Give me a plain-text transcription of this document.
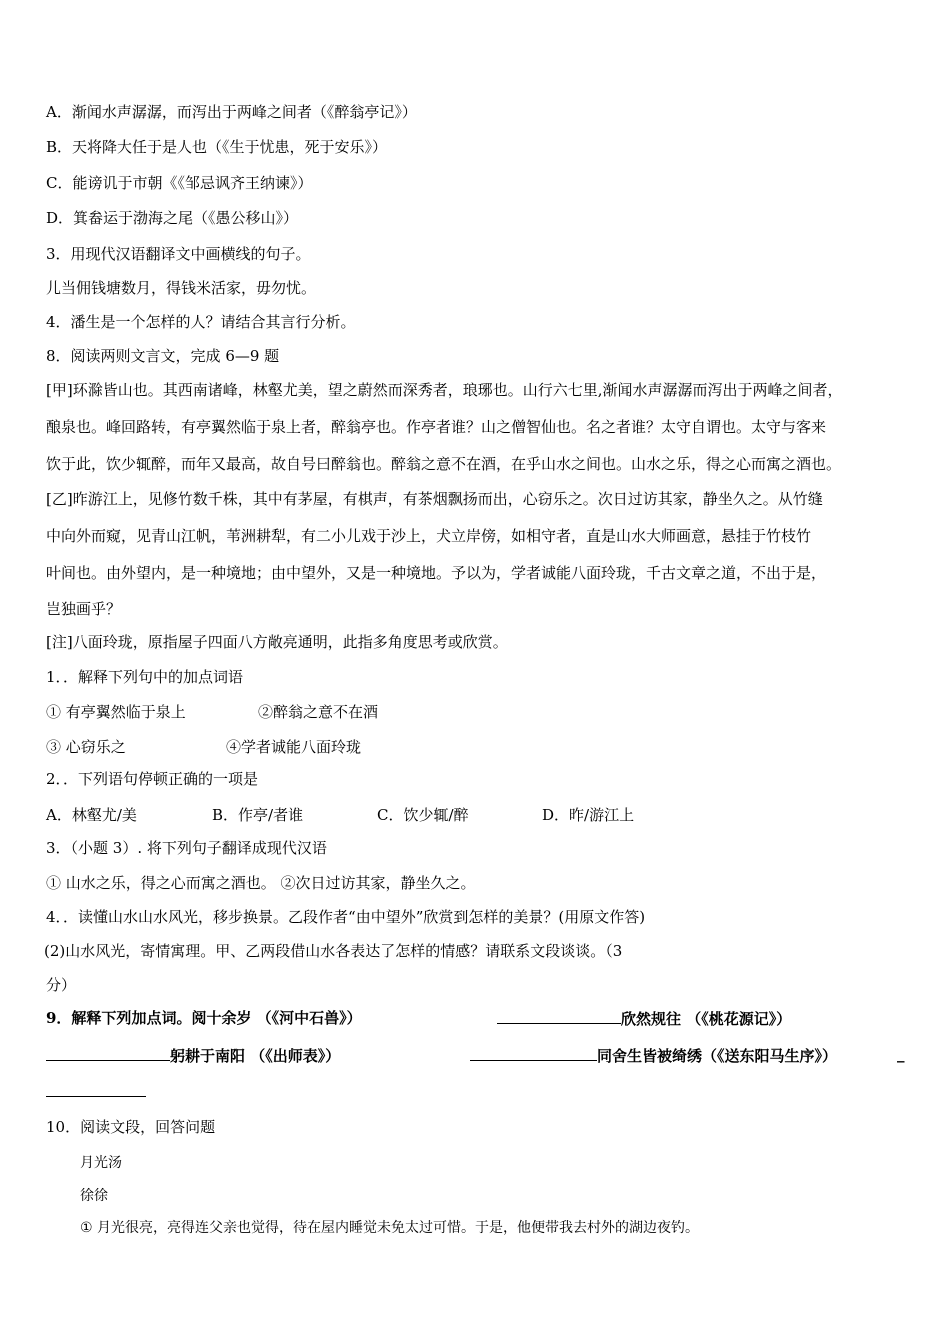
A．渐闻水声潺潺，而泻出于两峰之间者（《醉翁亭记》）
B．天将降大任于是人也（《生于忧患，死于安乐》）
C．能谤讥于市朝《《邹忌讽齐王纳谏》）
D．箕畚运于渤海之尾（《愚公移山》）
3．用现代汉语翻译文中画横线的句子。
儿当佣钱塘数月，得钱米活家，毋勿忧。
4．潘生是一个怎样的人？请结合其言行分析。
8．阅读两则文言文，完成 6—9 题
[甲]环滁皆山也。其西南诸峰，林壑尤美，望之蔚然而深秀者，琅琊也。山行六七里,渐闻水声潺潺而泻出于两峰之间者，
酿泉也。峰回路转，有亭翼然临于泉上者，醉翁亭也。作亭者谁？山之僧智仙也。名之者谁？太守自谓也。太守与客来
饮于此，饮少辄醉，而年又最高，故自号曰醉翁也。醉翁之意不在酒，在乎山水之间也。山水之乐，得之心而寓之酒也。
[乙]昨游江上，见修竹数千株，其中有茅屋，有棋声，有茶烟飘扬而出，心窃乐之。次日过访其家，静坐久之。从竹缝
中向外而窥，见青山江帆，苇洲耕犁，有二小儿戏于沙上，犬立岸傍，如相守者，直是山水大师画意，悬挂于竹枝竹
叶间也。由外望内，是一种境地；由中望外，又是一种境地。予以为，学者诚能八面玲珑，千古文章之道，不出于是，
岂独画乎？
[注]八面玲珑，原指屋子四面八方敞亮通明，此指多角度思考或欣赏。
1．．解释下列句中的加点词语
① 有亭翼然临于泉上	②醉翁之意不在酒
③ 心窃乐之	④学者诚能八面玲珑
2．．下列语句停顿正确的一项是
A．林壑尤/美	B．作亭/者谁	C．饮少辄/醉	D．昨/游江上
3．（小题 3）. 将下列句子翻译成现代汉语
① 山水之乐，得之心而寓之酒也。 ②次日过访其家，静坐久之。
4．．读懂山水山水风光，移步换景。乙段作者“由中望外”欣赏到怎样的美景？(用原文作答)
(2)山水风光，寄情寓理。甲、乙两段借山水各表达了怎样的情感？请联系文段谈谈。（3
分）
9．解释下列加点词。阅十余岁 （《河中石兽》）	欣然规往 （《桃花源记》）
躬耕于南阳 （《出师表》）	同舍生皆被绮绣（《送东阳马生序》）	_
10．阅读文段，回答问题
月光汤
徐徐
① 月光很亮，亮得连父亲也觉得，待在屋内睡觉未免太过可惜。于是，他便带我去村外的湖边夜钓。
